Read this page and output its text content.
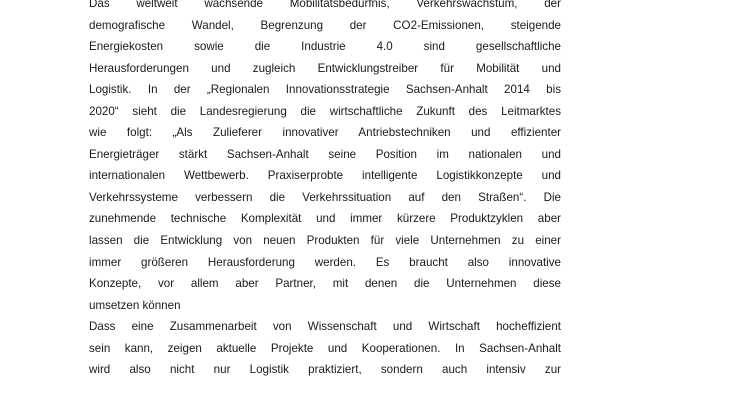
Das weltweit wachsende Mobilitätsbedürfnis, Verkehrswachstum, der
demografische Wandel, Begrenzung der CO2-Emissionen, steigende
Energiekosten sowie die Industrie 4.0 sind gesellschaftliche
Herausforderungen und zugleich Entwicklungstreiber für Mobilität und
Logistik. In der „Regionalen Innovationsstrategie Sachsen-Anhalt 2014 bis
2020“ sieht die Landesregierung die wirtschaftliche Zukunft des Leitmarktes
wie folgt: „Als Zulieferer innovativer Antriebstechniken und effizienter
Energieträger stärkt Sachsen-Anhalt seine Position im nationalen und
internationalen Wettbewerb. Praxiserprobte intelligente Logistikkonzepte und
Verkehrssysteme verbessern die Verkehrssituation auf den Straßen“. Die
zunehmende technische Komplexität und immer kürzere Produktzyklen aber
lassen die Entwicklung von neuen Produkten für viele Unternehmen zu einer
immer größeren Herausforderung werden. Es braucht also innovative
Konzepte, vor allem aber Partner, mit denen die Unternehmen diese
umsetzen können
Dass eine Zusammenarbeit von Wissenschaft und Wirtschaft hocheffizient
sein kann, zeigen aktuelle Projekte und Kooperationen. In Sachsen-Anhalt
wird also nicht nur Logistik praktiziert, sondern auch intensiv zur
